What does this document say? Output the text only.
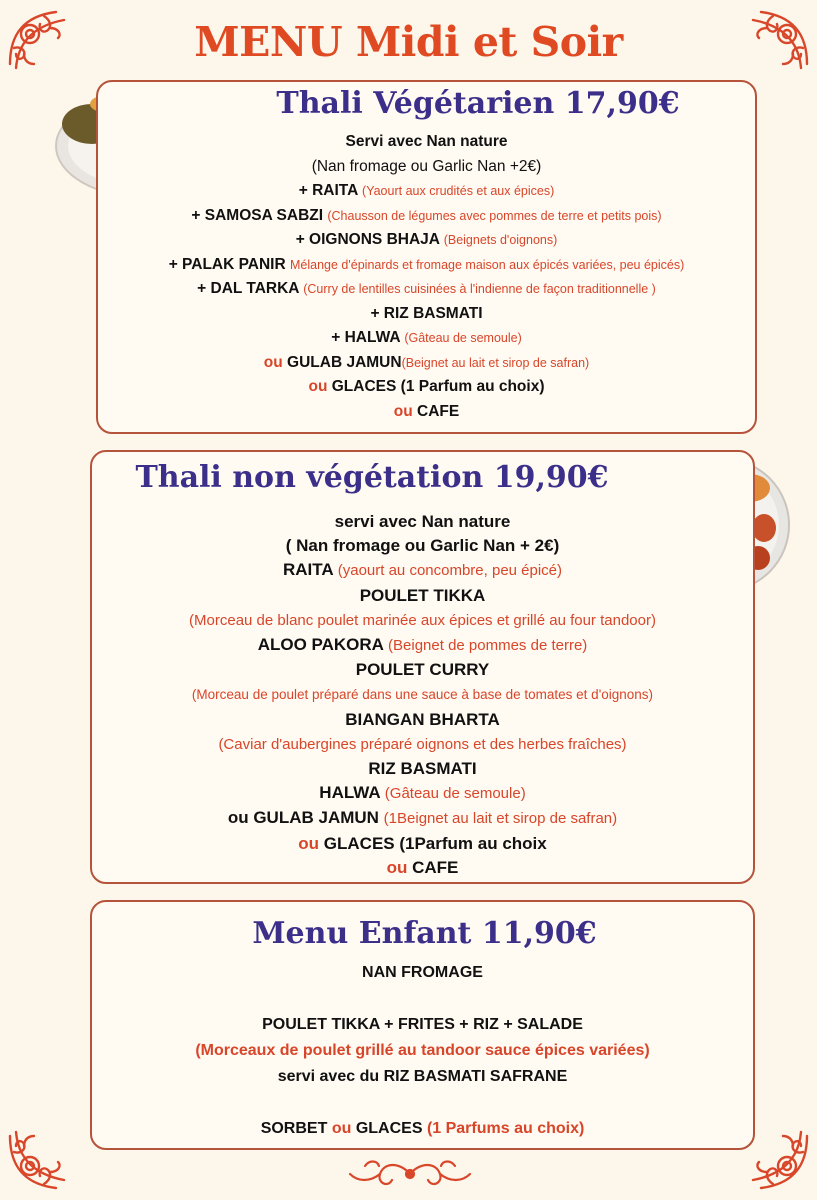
MENU Midi et Soir
Thali Végétarien 17,90€
Servi avec Nan nature
(Nan fromage ou Garlic Nan +2€)
+ RAITA (Yaourt aux crudités et aux épices)
+ SAMOSA SABZI (Chausson de légumes avec pommes de terre et petits pois)
+ OIGNONS BHAJA (Beignets d'oignons)
+ PALAK PANIR Mélange d'épinards et fromage maison aux épicés variées, peu épicés)
+ DAL TARKA (Curry de lentilles cuisinées à l'indienne de façon traditionnelle )
+ RIZ BASMATI
+ HALWA (Gâteau de semoule)
ou GULAB JAMUN(Beignet au lait et sirop de safran)
ou GLACES (1 Parfum au choix)
ou CAFE
Thali non végétation 19,90€
servi avec Nan nature
( Nan fromage ou Garlic Nan + 2€)
RAITA (yaourt au concombre, peu épicé)
POULET TIKKA
(Morceau de blanc poulet marinée aux épices et grillé au four tandoor)
ALOO PAKORA (Beignet de pommes de terre)
POULET CURRY
(Morceau de poulet préparé dans une sauce à base de tomates et d'oignons)
BIANGAN BHARTA
(Caviar d'aubergines préparé oignons et des herbes fraîches)
RIZ BASMATI
HALWA (Gâteau de semoule)
ou GULAB JAMUN (1Beignet au lait et sirop de safran)
ou GLACES (1Parfum au choix
ou CAFE
Menu Enfant 11,90€
NAN FROMAGE

POULET TIKKA + FRITES + RIZ + SALADE
(Morceaux de poulet grillé au tandoor sauce épices variées)
servi avec du RIZ BASMATI SAFRANE

SORBET ou GLACES (1 Parfums au choix)
